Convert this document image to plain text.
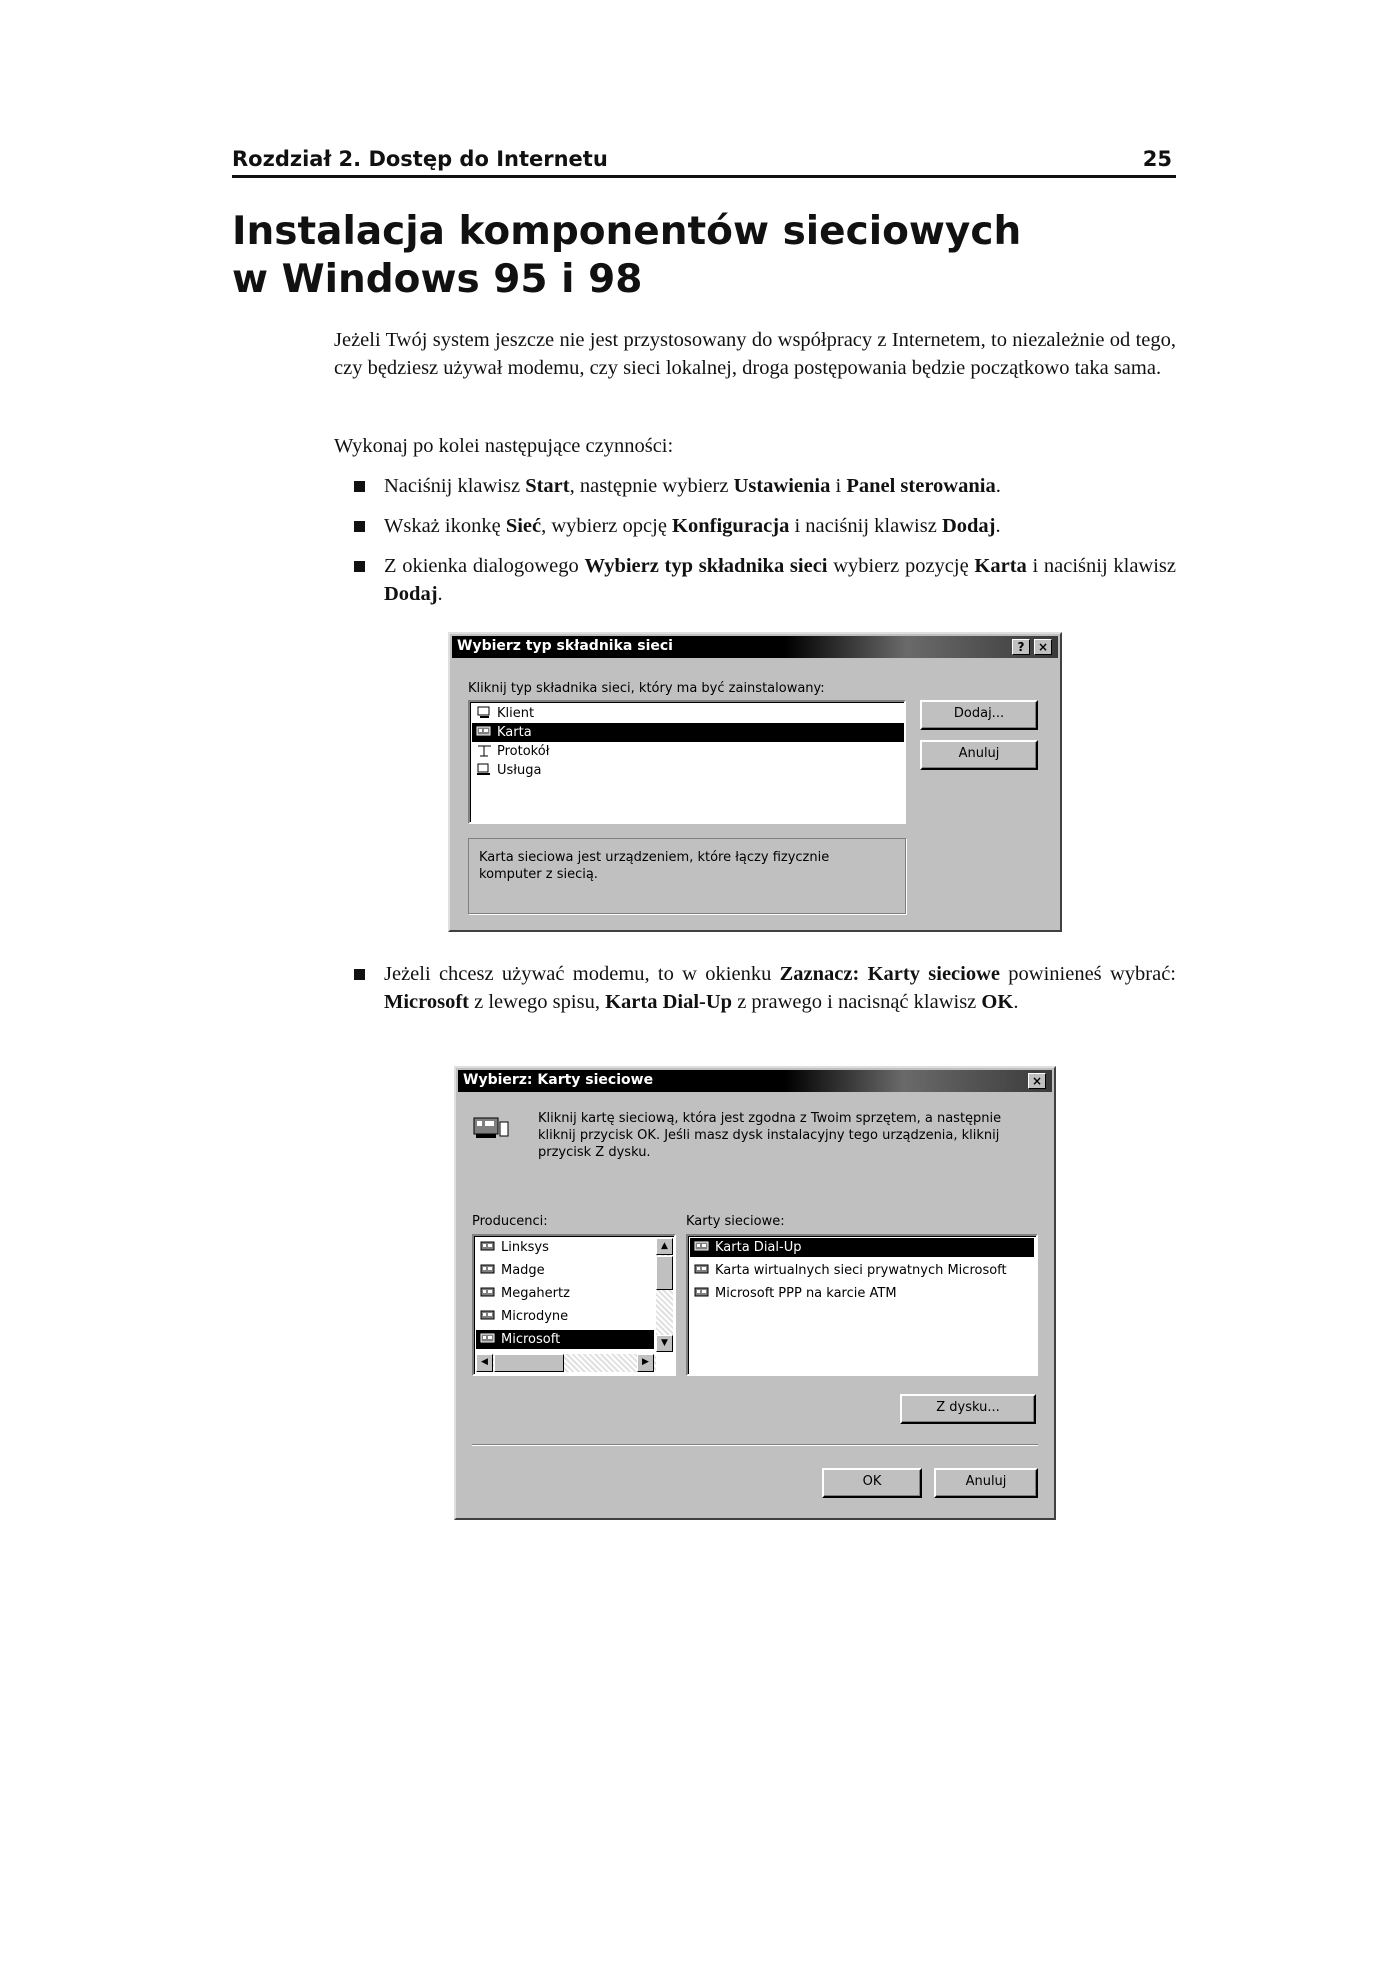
Rozdział 2. Dostęp do Internetu	25
Instalacja komponentów sieciowych
w Windows 95 i 98

Jeżeli Twój system jeszcze nie jest przystosowany do współpracy z Internetem, to niezależnie od tego, czy będziesz używał modemu, czy sieci lokalnej, droga postępowania będzie początkowo taka sama.

Wykonaj po kolei następujące czynności:

Naciśnij klawisz Start, następnie wybierz Ustawienia i Panel sterowania.
Wskaż ikonkę Sieć, wybierz opcję Konfiguracja i naciśnij klawisz Dodaj.
Z okienka dialogowego Wybierz typ składnika sieci wybierz pozycję Karta i naciśnij klawisz Dodaj.
Wybierz typ składnika sieci	?	×
Kliknij typ składnika sieci, który ma być zainstalowany:
Klient
Karta
Protokół
Usługa
Dodaj...
Anuluj
Karta sieciowa jest urządzeniem, które łączy fizycznie komputer z siecią.
Jeżeli chcesz używać modemu, to w okienku Zaznacz: Karty sieciowe powinieneś wybrać: Microsoft z lewego spisu, Karta Dial-Up z prawego i nacisnąć klawisz OK.
Wybierz: Karty sieciowe	×
Kliknij kartę sieciową, która jest zgodna z Twoim sprzętem, a następnie kliknij przycisk OK. Jeśli masz dysk instalacyjny tego urządzenia, kliknij przycisk Z dysku.
Producenci:
Linksys
Madge
Megahertz
Microdyne
Microsoft
▲
▼
◀	▶
Karty sieciowe:
Karta Dial-Up
Karta wirtualnych sieci prywatnych Microsoft
Microsoft PPP na karcie ATM
Z dysku...
OK	Anuluj
